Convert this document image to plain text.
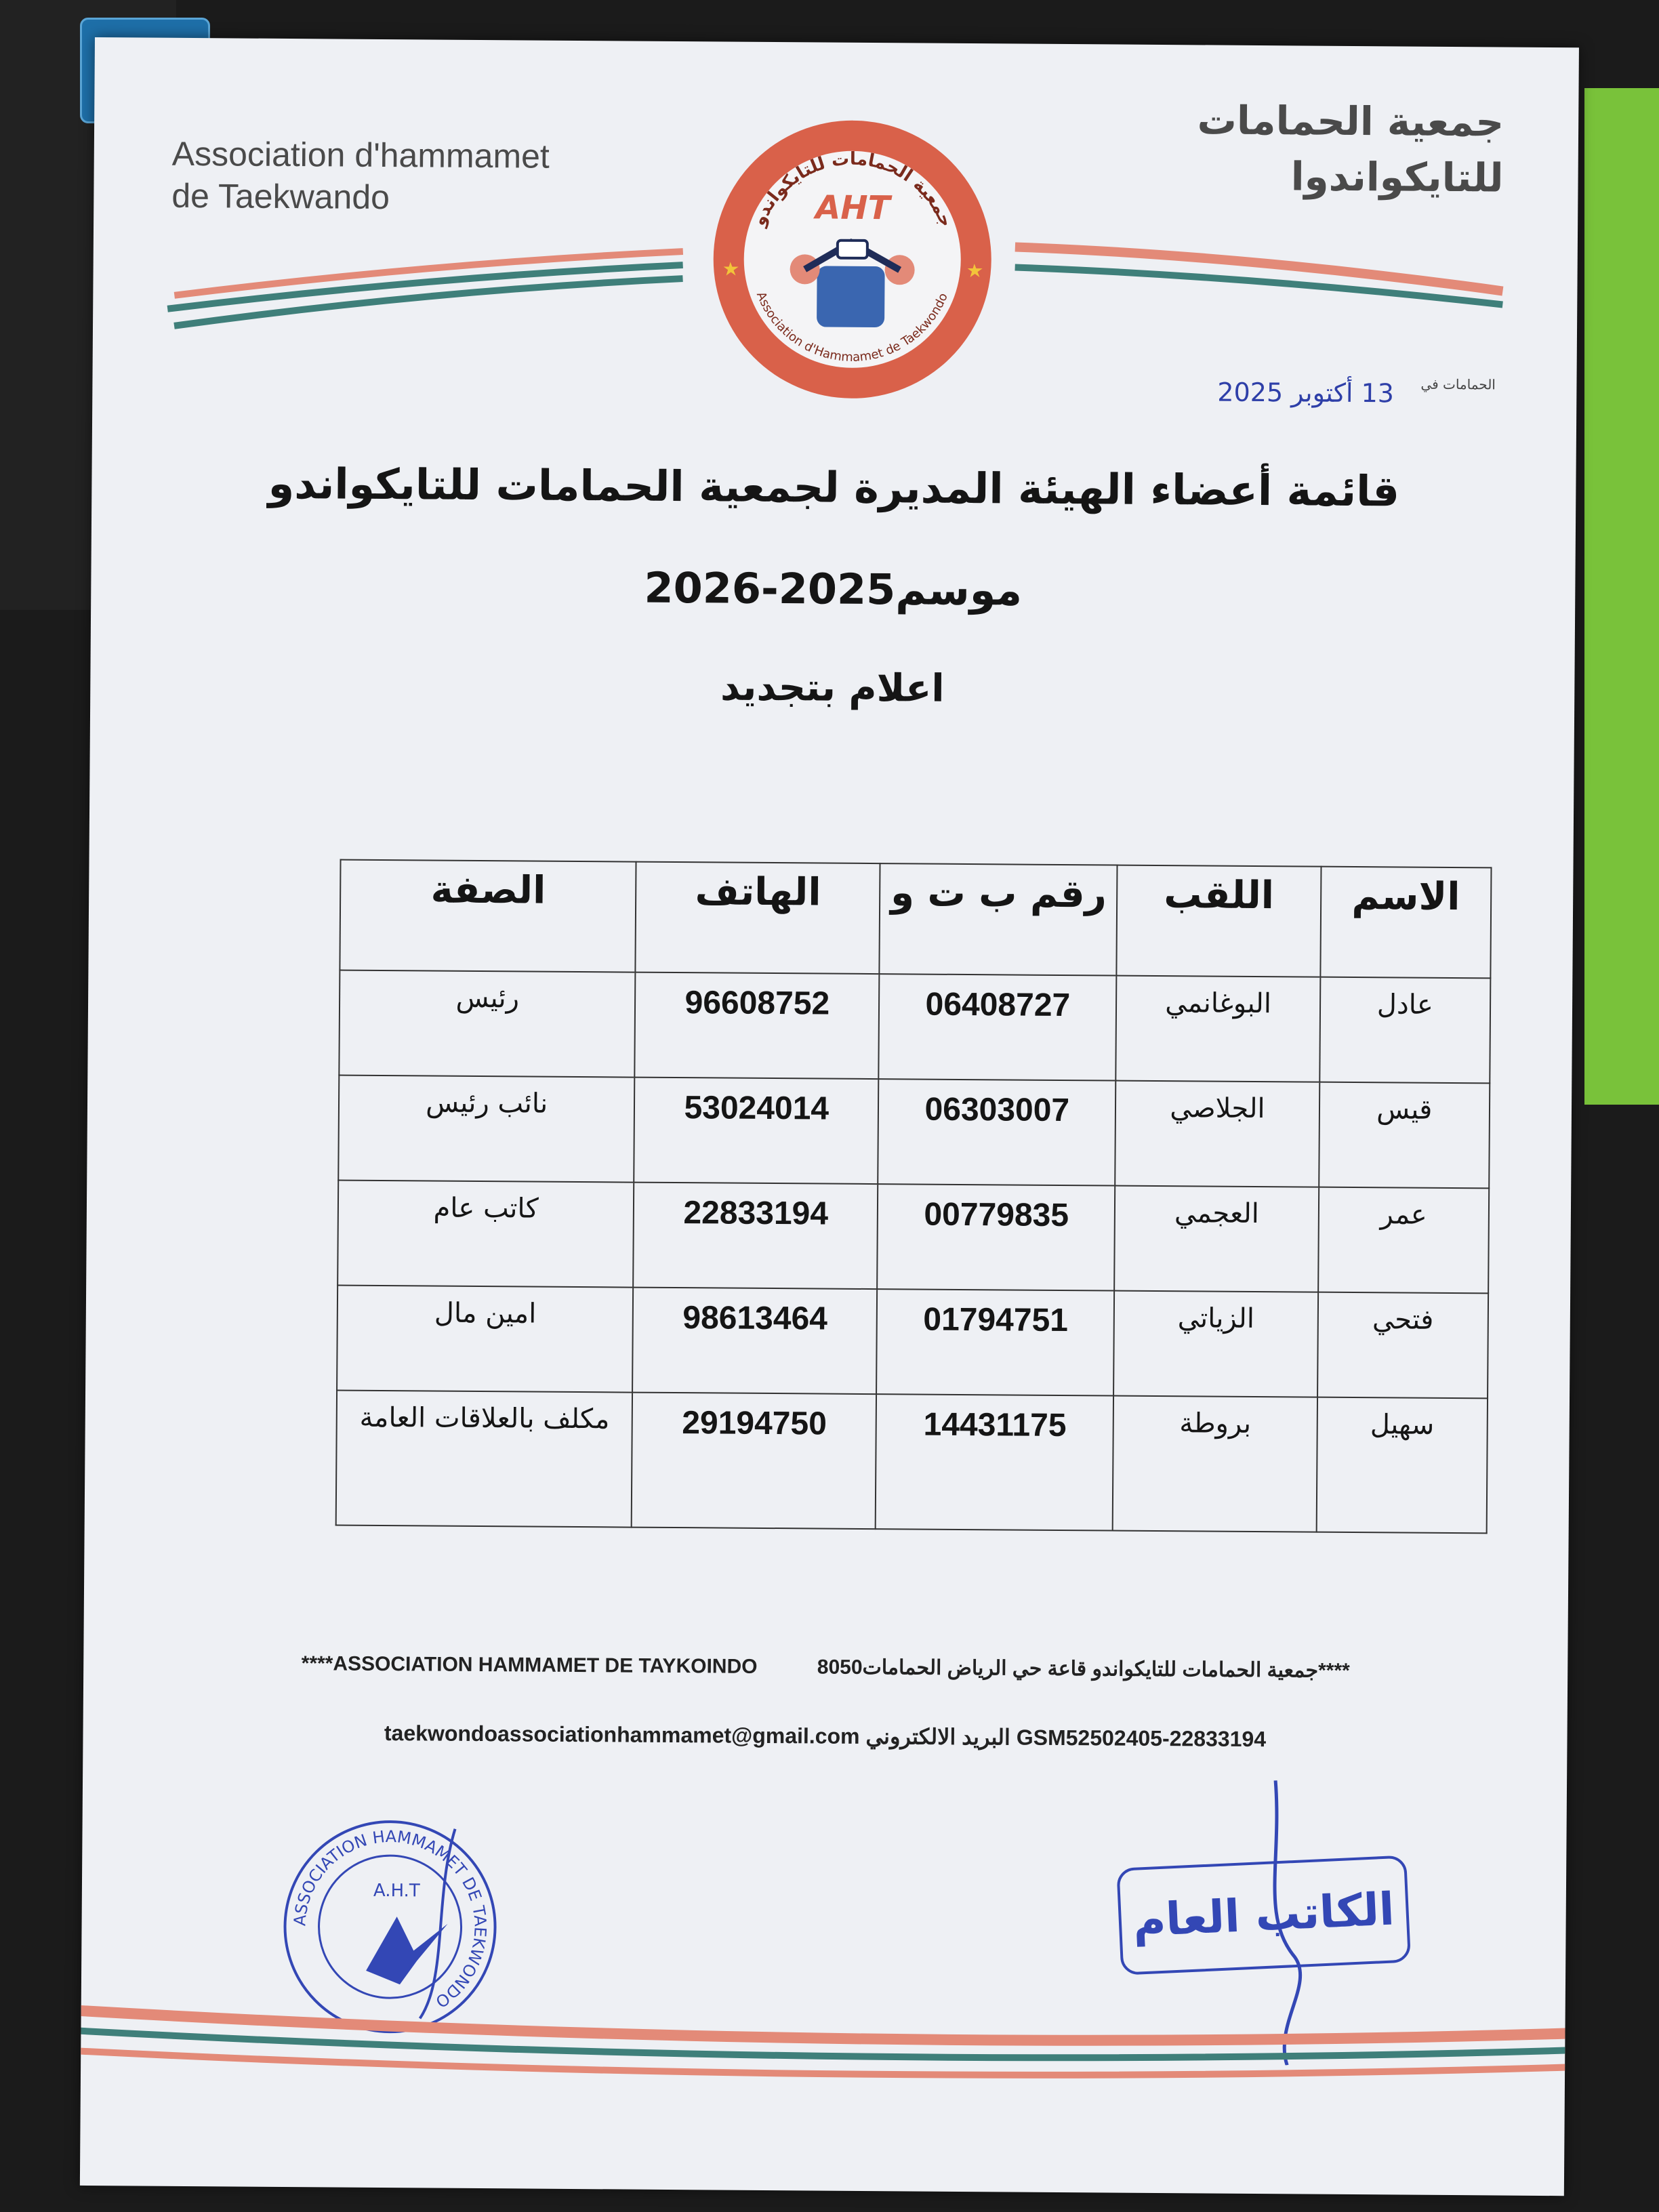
Association d'hammamet
de Taekwando
جمعية الحمامات
للتايكواندوا
جمعية الحمامات للتايكواندو
Association d'Hammamet de Taekwondo
AHT
13 أكتوبر 2025 الحمامات في
قائمة أعضاء الهيئة المديرة لجمعية الحمامات للتايكواندو
موسم2025-2026
اعلام بتجديد
الاسم	اللقب	رقم ب ت و	الهاتف	الصفة
عادل	البوغانمي	06408727	96608752	رئيس
قيس	الجلاصي	06303007	53024014	نائب رئيس
عمر	العجمي	00779835	22833194	كاتب عام
فتحي	الزياتي	01794751	98613464	امين مال
سهيل	بروطة	14431175	29194750	مكلف بالعلاقات العامة
****ASSOCIATION HAMMAMET DE TAYKOINDO	****جمعية الحمامات للتايكواندو قاعة حي الرياض الحمامات8050
taekwondoassociationhammamet@gmail.com البريد الالكتروني GSM52502405-22833194
ASSOCIATION HAMMAMET DE TAEKWONDO
A.H.T	الكاتب العام
